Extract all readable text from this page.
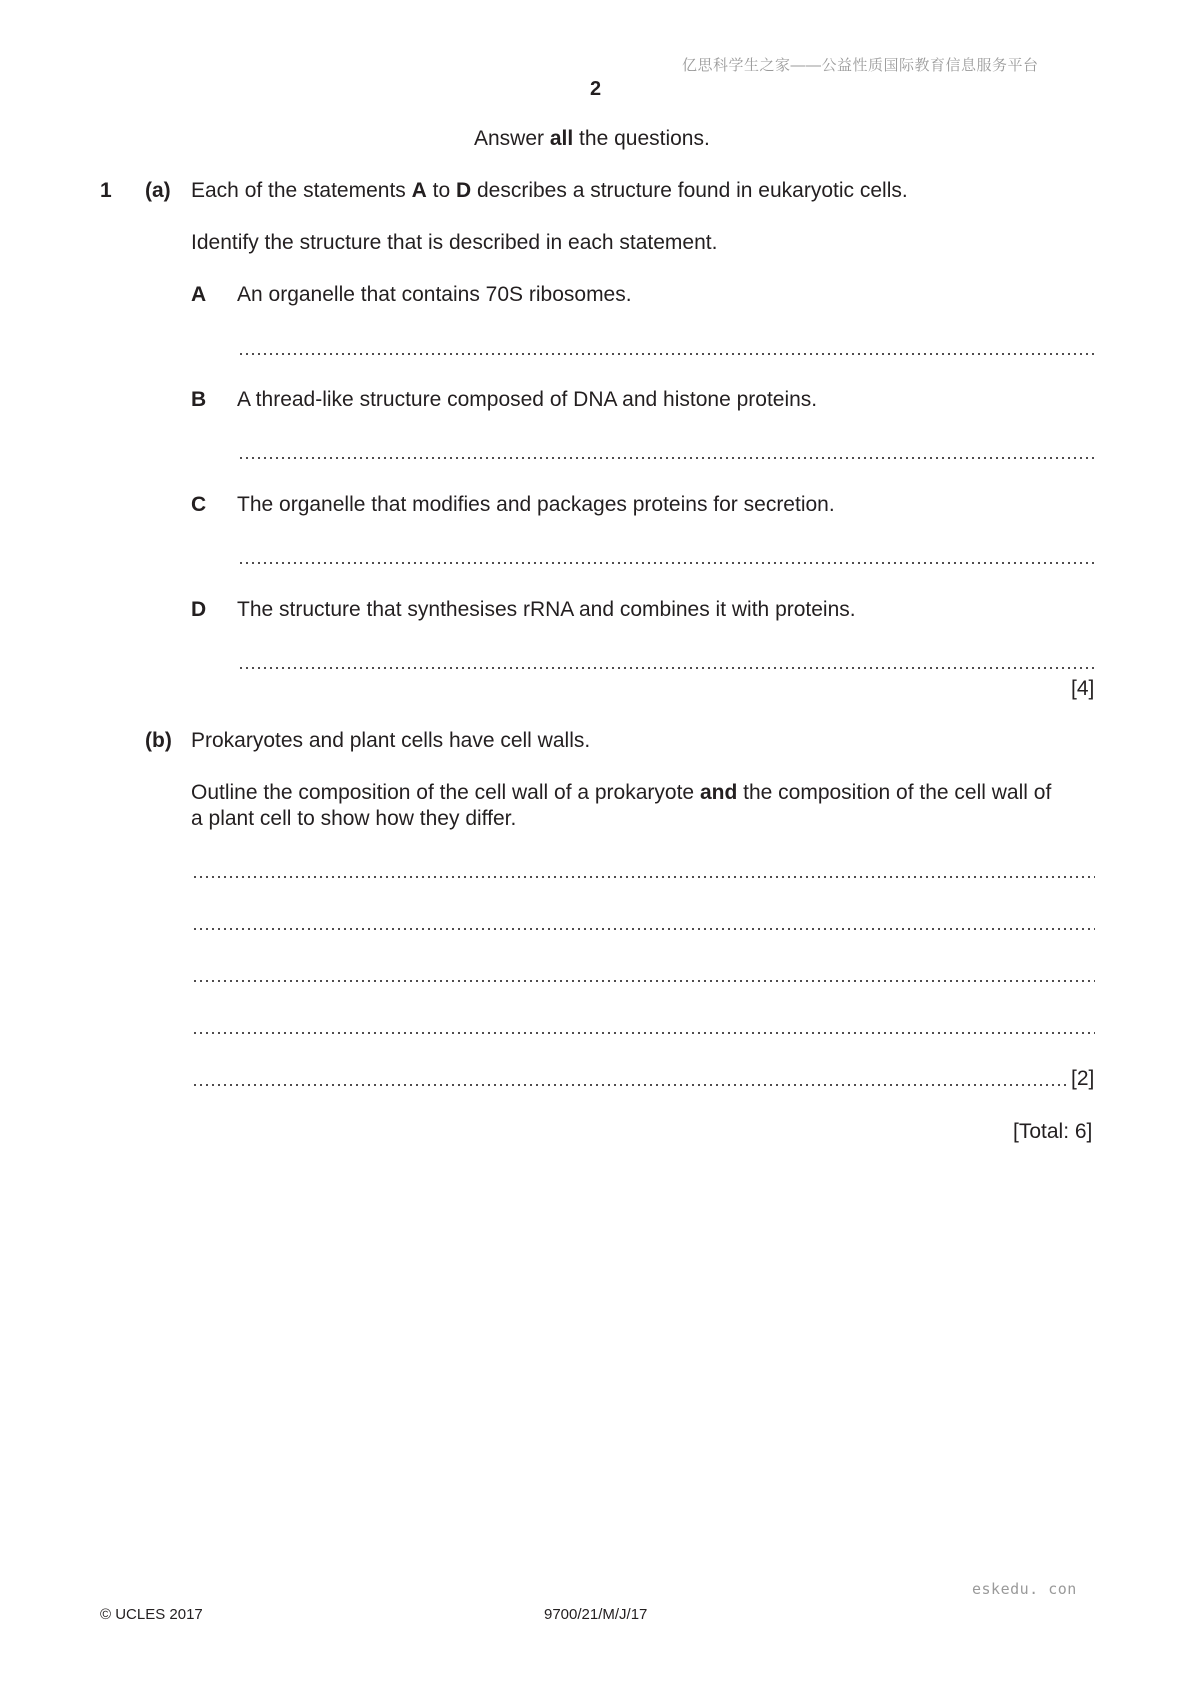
亿思科学生之家——公益性质国际教育信息服务平台
2
Answer all the questions.
1 (a) Each of the statements A to D describes a structure found in eukaryotic cells.
Identify the structure that is described in each statement.
A An organelle that contains 70S ribosomes.
B A thread-like structure composed of DNA and histone proteins.
C The organelle that modifies and packages proteins for secretion.
D The structure that synthesises rRNA and combines it with proteins.
[4]
(b) Prokaryotes and plant cells have cell walls.
Outline the composition of the cell wall of a prokaryote and the composition of the cell wall of
a plant cell to show how they differ.
[2]
[Total: 6]
eskedu. con
© UCLES 2017	9700/21/M/J/17
